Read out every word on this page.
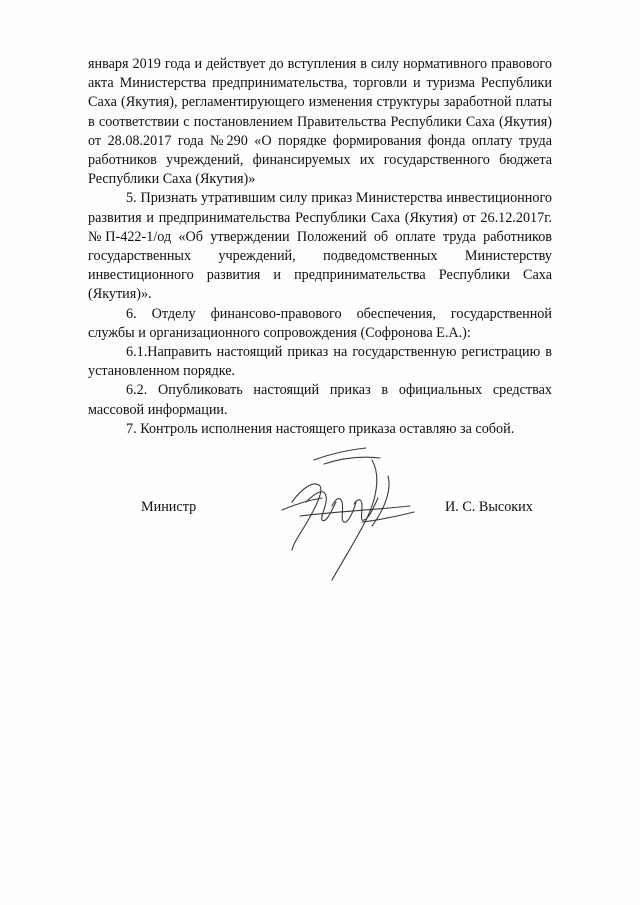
января 2019 года и действует до вступления в силу нормативного правового акта Министерства предпринимательства, торговли и туризма Республики Саха (Якутия), регламентирующего изменения структуры заработной платы в соответствии с постановлением Правительства Республики Саха (Якутия) от 28.08.2017 года №290 «О порядке формирования фонда оплату труда работников учреждений, финансируемых их государственного бюджета Республики Саха (Якутия)»

5. Признать утратившим силу приказ Министерства инвестиционного развития и предпринимательства Республики Саха (Якутия) от 26.12.2017г. №П-422-1/од «Об утверждении Положений об оплате труда работников государственных учреждений, подведомственных Министерству инвестиционного развития и предпринимательства Республики Саха (Якутия)».

6. Отделу финансово-правового обеспечения, государственной службы и организационного сопровождения (Софронова Е.А.):

6.1.Направить настоящий приказ на государственную регистрацию в установленном порядке.

6.2. Опубликовать настоящий приказ в официальных средствах массовой информации.

7. Контроль исполнения настоящего приказа оставляю за собой.

Министр	И. С. Высоких
